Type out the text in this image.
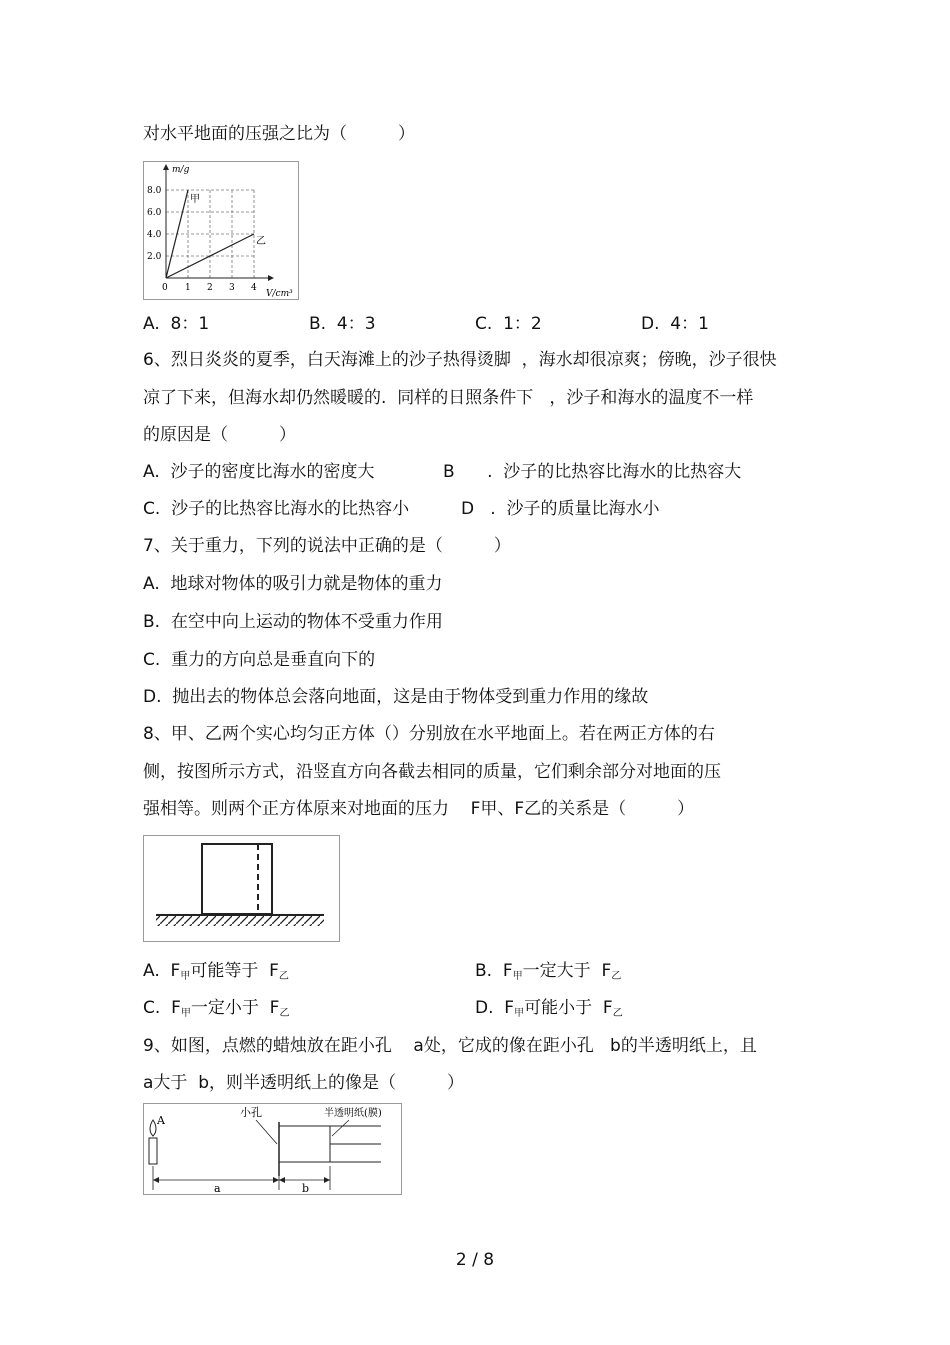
对水平地面的压强之比为（　　　）
m/g
V/cm³
8.0
6.0
4.0
2.0
0 1 2 3 4
甲
乙
A.  8：1	B.  4：3	C.  1：2	D.  4：1
6、烈日炎炎的夏季，白天海滩上的沙子热得烫脚  ，海水却很凉爽；傍晚，沙子很快
凉了下来，但海水却仍然暖暖的.  同样的日照条件下   ，沙子和海水的温度不一样
的原因是（　　　）
A.  沙子的密度比海水的密度大	B      .  沙子的比热容比海水的比热容大
C.  沙子的比热容比海水的比热容小	D   .  沙子的质量比海水小
7、关于重力，下列的说法中正确的是（　　　）
A.  地球对物体的吸引力就是物体的重力
B.  在空中向上运动的物体不受重力作用
C.  重力的方向总是垂直向下的
D.  抛出去的物体总会落向地面，这是由于物体受到重力作用的缘故
8、甲、乙两个实心均匀正方体（）分别放在水平地面上。若在两正方体的右
侧，按图所示方式，沿竖直方向各截去相同的质量，它们剩余部分对地面的压
强相等。则两个正方体原来对地面的压力    F甲、F乙的关系是（　　　）
A.  $F_甲$可能等于  $F_乙$	B.  $F_甲$一定大于  $F_乙$
C.  $F_甲$一定小于  $F_乙$	D.  $F_甲$可能小于  $F_乙$
9、如图，点燃的蜡烛放在距小孔    a处，它成的像在距小孔   b的半透明纸上，且
a大于  b，则半透明纸上的像是（　　　）
A
小孔	半透明纸(膜)
a	b
2 / 8
